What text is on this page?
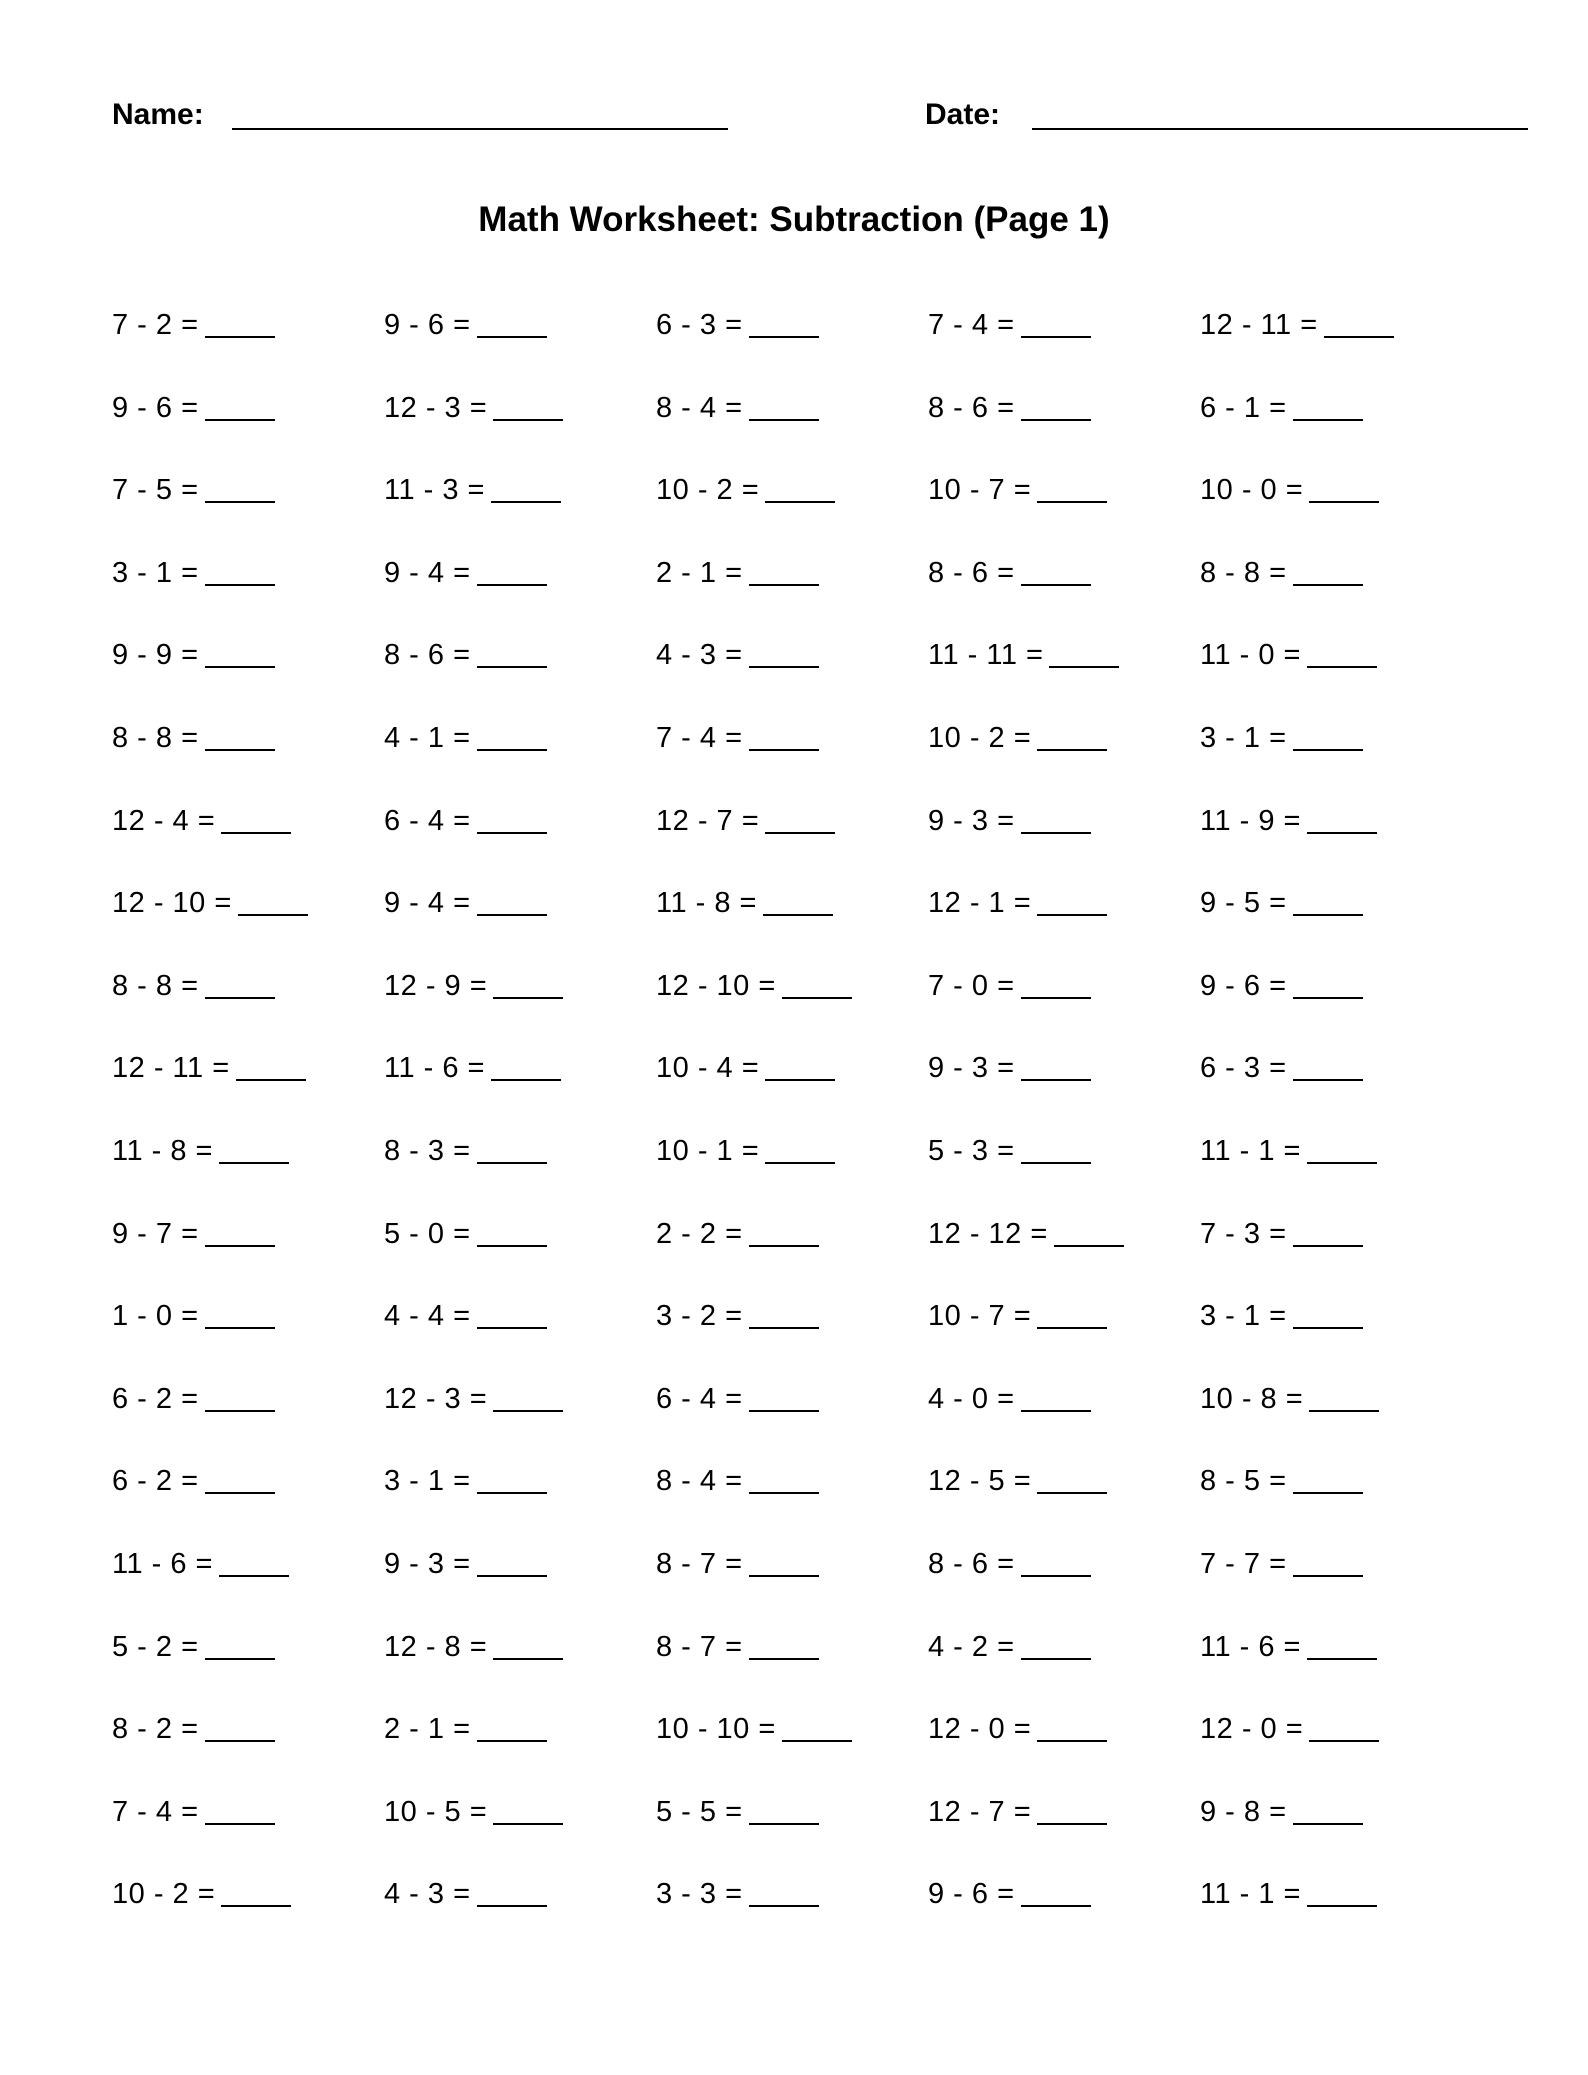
Name:	Date:
Math Worksheet: Subtraction (Page 1)
7 - 2 =	9 - 6 =	6 - 3 =	7 - 4 =	12 - 11 =
9 - 6 =	12 - 3 =	8 - 4 =	8 - 6 =	6 - 1 =
7 - 5 =	11 - 3 =	10 - 2 =	10 - 7 =	10 - 0 =
3 - 1 =	9 - 4 =	2 - 1 =	8 - 6 =	8 - 8 =
9 - 9 =	8 - 6 =	4 - 3 =	11 - 11 =	11 - 0 =
8 - 8 =	4 - 1 =	7 - 4 =	10 - 2 =	3 - 1 =
12 - 4 =	6 - 4 =	12 - 7 =	9 - 3 =	11 - 9 =
12 - 10 =	9 - 4 =	11 - 8 =	12 - 1 =	9 - 5 =
8 - 8 =	12 - 9 =	12 - 10 =	7 - 0 =	9 - 6 =
12 - 11 =	11 - 6 =	10 - 4 =	9 - 3 =	6 - 3 =
11 - 8 =	8 - 3 =	10 - 1 =	5 - 3 =	11 - 1 =
9 - 7 =	5 - 0 =	2 - 2 =	12 - 12 =	7 - 3 =
1 - 0 =	4 - 4 =	3 - 2 =	10 - 7 =	3 - 1 =
6 - 2 =	12 - 3 =	6 - 4 =	4 - 0 =	10 - 8 =
6 - 2 =	3 - 1 =	8 - 4 =	12 - 5 =	8 - 5 =
11 - 6 =	9 - 3 =	8 - 7 =	8 - 6 =	7 - 7 =
5 - 2 =	12 - 8 =	8 - 7 =	4 - 2 =	11 - 6 =
8 - 2 =	2 - 1 =	10 - 10 =	12 - 0 =	12 - 0 =
7 - 4 =	10 - 5 =	5 - 5 =	12 - 7 =	9 - 8 =
10 - 2 =	4 - 3 =	3 - 3 =	9 - 6 =	11 - 1 =
